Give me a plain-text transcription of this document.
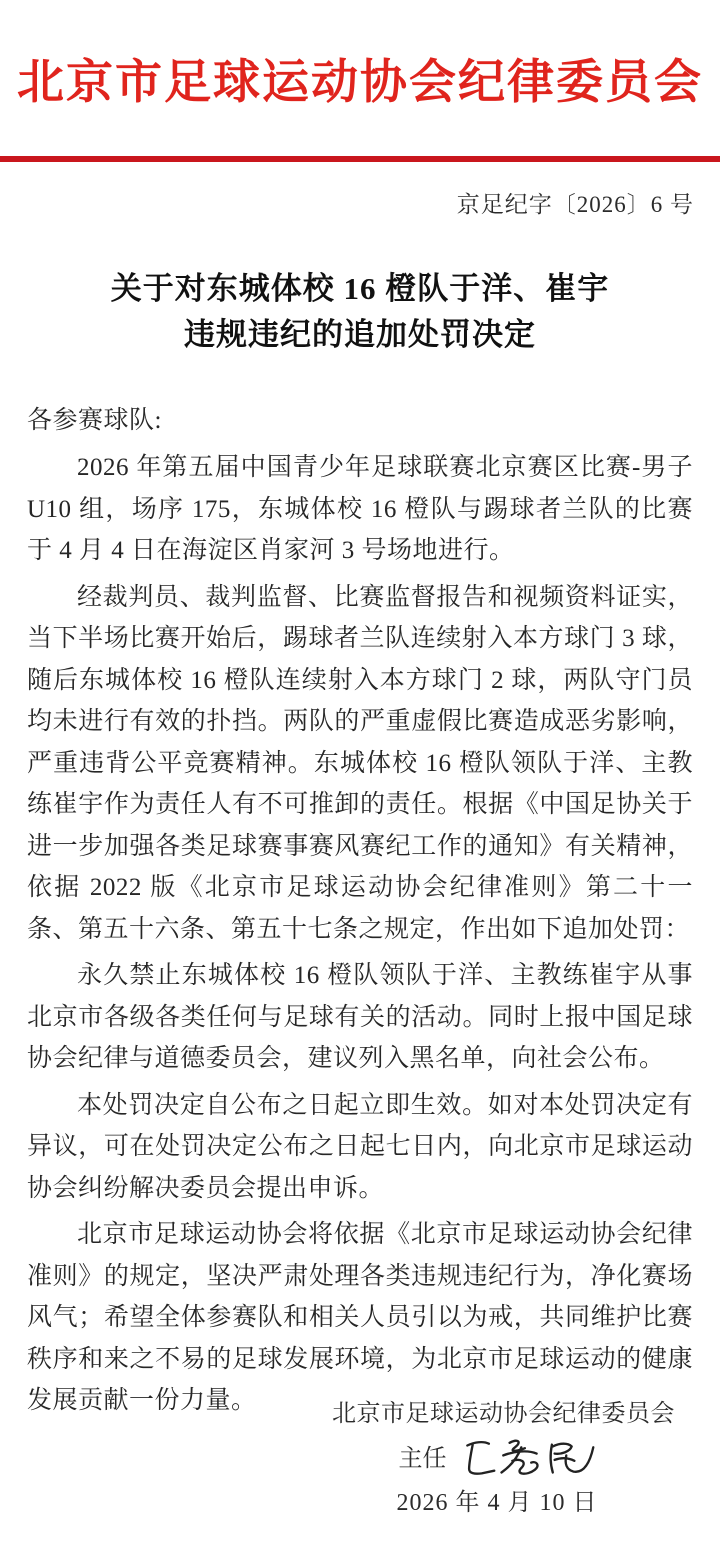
北京市足球运动协会纪律委员会
京足纪字〔2026〕6 号
关于对东城体校 16 橙队于洋、崔宇
违规违纪的追加处罚决定

各参赛球队:

2026 年第五届中国青少年足球联赛北京赛区比赛-男子 U10 组，场序 175，东城体校 16 橙队与踢球者兰队的比赛于 4 月 4 日在海淀区肖家河 3 号场地进行。

经裁判员、裁判监督、比赛监督报告和视频资料证实，当下半场比赛开始后，踢球者兰队连续射入本方球门 3 球，随后东城体校 16 橙队连续射入本方球门 2 球，两队守门员均未进行有效的扑挡。两队的严重虚假比赛造成恶劣影响，严重违背公平竞赛精神。东城体校 16 橙队领队于洋、主教练崔宇作为责任人有不可推卸的责任。根据《中国足协关于进一步加强各类足球赛事赛风赛纪工作的通知》有关精神，依据 2022 版《北京市足球运动协会纪律准则》第二十一条、第五十六条、第五十七条之规定，作出如下追加处罚：

永久禁止东城体校 16 橙队领队于洋、主教练崔宇从事北京市各级各类任何与足球有关的活动。同时上报中国足球协会纪律与道德委员会，建议列入黑名单，向社会公布。

本处罚决定自公布之日起立即生效。如对本处罚决定有异议，可在处罚决定公布之日起七日内，向北京市足球运动协会纠纷解决委员会提出申诉。

北京市足球运动协会将依据《北京市足球运动协会纪律准则》的规定，坚决严肃处理各类违规违纪行为，净化赛场风气；希望全体参赛队和相关人员引以为戒，共同维护比赛秩序和来之不易的足球发展环境，为北京市足球运动的健康发展贡献一份力量。	北京市足球运动协会纪律委员会
主任
2026 年 4 月 10 日
